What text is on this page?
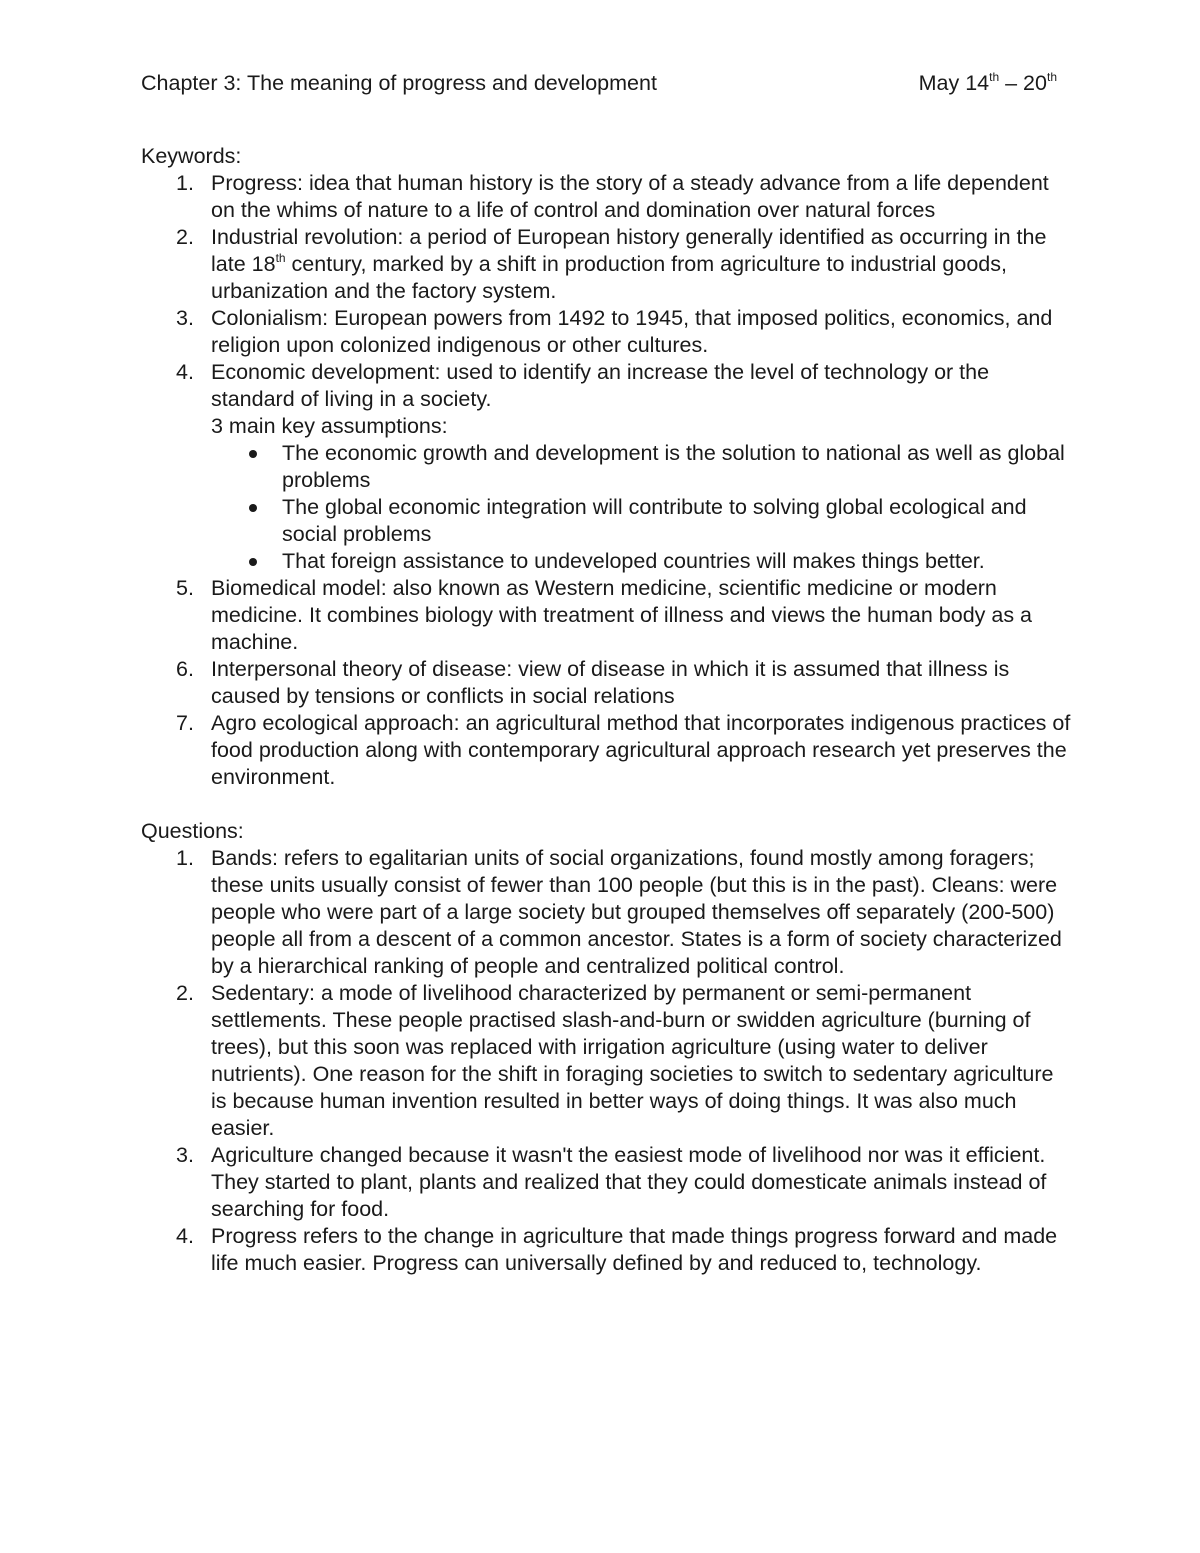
Chapter 3: The meaning of progress and development	May 14th – 20th

Keywords:

1. Progress: idea that human history is the story of a steady advance from a life dependent on the whims of nature to a life of control and domination over natural forces
2. Industrial revolution: a period of European history generally identified as occurring in the late 18th century, marked by a shift in production from agriculture to industrial goods, urbanization and the factory system.
3. Colonialism: European powers from 1492 to 1945, that imposed politics, economics, and religion upon colonized indigenous or other cultures.
4. Economic development: used to identify an increase the level of technology or the standard of living in a society.
3 main key assumptions:
The economic growth and development is the solution to national as well as global problems
The global economic integration will contribute to solving global ecological and social problems
That foreign assistance to undeveloped countries will makes things better.
5. Biomedical model: also known as Western medicine, scientific medicine or modern medicine. It combines biology with treatment of illness and views the human body as a machine.
6. Interpersonal theory of disease: view of disease in which it is assumed that illness is caused by tensions or conflicts in social relations
7. Agro ecological approach: an agricultural method that incorporates indigenous practices of food production along with contemporary agricultural approach research yet preserves the environment.

Questions:

1. Bands: refers to egalitarian units of social organizations, found mostly among foragers; these units usually consist of fewer than 100 people (but this is in the past). Cleans: were people who were part of a large society but grouped themselves off separately (200-500) people all from a descent of a common ancestor. States is a form of society characterized by a hierarchical ranking of people and centralized political control.
2. Sedentary: a mode of livelihood characterized by permanent or semi-permanent settlements. These people practised slash-and-burn or swidden agriculture (burning of trees), but this soon was replaced with irrigation agriculture (using water to deliver nutrients). One reason for the shift in foraging societies to switch to sedentary agriculture is because human invention resulted in better ways of doing things. It was also much easier.
3. Agriculture changed because it wasn't the easiest mode of livelihood nor was it efficient. They started to plant, plants and realized that they could domesticate animals instead of searching for food.
4. Progress refers to the change in agriculture that made things progress forward and made life much easier. Progress can universally defined by and reduced to, technology.
